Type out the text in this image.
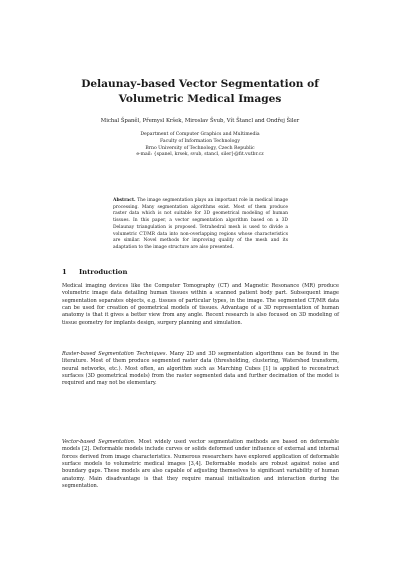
Delaunay-based Vector Segmentation of
Volumetric Medical Images
Michal Španěl, Přemysl Kršek, Miroslav Švub, Vít Štancl and Ondřej Šiler
Department of Computer Graphics and Multimedia
Faculty of Information Technology
Brno University of Technology, Czech Republic
e-mail: {spanel, krsek, svub, stancl, siler}@fit.vutbr.cz
Abstract. The image segmentation plays an important role in medical image processing. Many segmentation algorithms exist. Most of them produce raster data which is not suitable for 3D geometrical modeling of human tissues. In this paper, a vector segmentation algorithm based on a 3D Delaunay triangulation is proposed. Tetrahedral mesh is used to divide a volumetric CT/MR data into non-overlapping regions whose characteristics are similar. Novel methods for improving quality of the mesh and its adaptation to the image structure are also presented.
1 Introduction
Medical imaging devices like the Computer Tomography (CT) and Magnetic Resonance (MR) produce volumetric image data detailing human tissues within a scanned patient body part. Subsequent image segmentation separates objects, e.g. tissues of particular types, in the image. The segmented CT/MR data can be used for creation of geometrical models of tissues. Advantage of a 3D representation of human anatomy is that it gives a better view from any angle. Recent research is also focused on 3D modeling of tissue geometry for implants design, surgery planning and simulation.
Raster-based Segmentation Techniques. Many 2D and 3D segmentation algorithms can be found in the literature. Most of them produce segmented raster data (thresholding, clustering, Watershed transform, neural networks, etc.). Most often, an algorithm such as Marching Cubes [1] is applied to reconstruct surfaces (3D geometrical models) from the raster segmented data and further decimation of the model is required and may not be elementary.
Vector-based Segmentation. Most widely used vector segmentation methods are based on deformable models [2]. Deformable models include curves or solids deformed under influence of external and internal forces derived from image characteristics. Numerous researchers have explored application of deformable surface models to volumetric medical images [3,4]. Deformable models are robust against noise and boundary gaps. These models are also capable of adjusting themselves to significant variability of human anatomy. Main disadvantage is that they require manual initialization and interaction during the segmentation.
